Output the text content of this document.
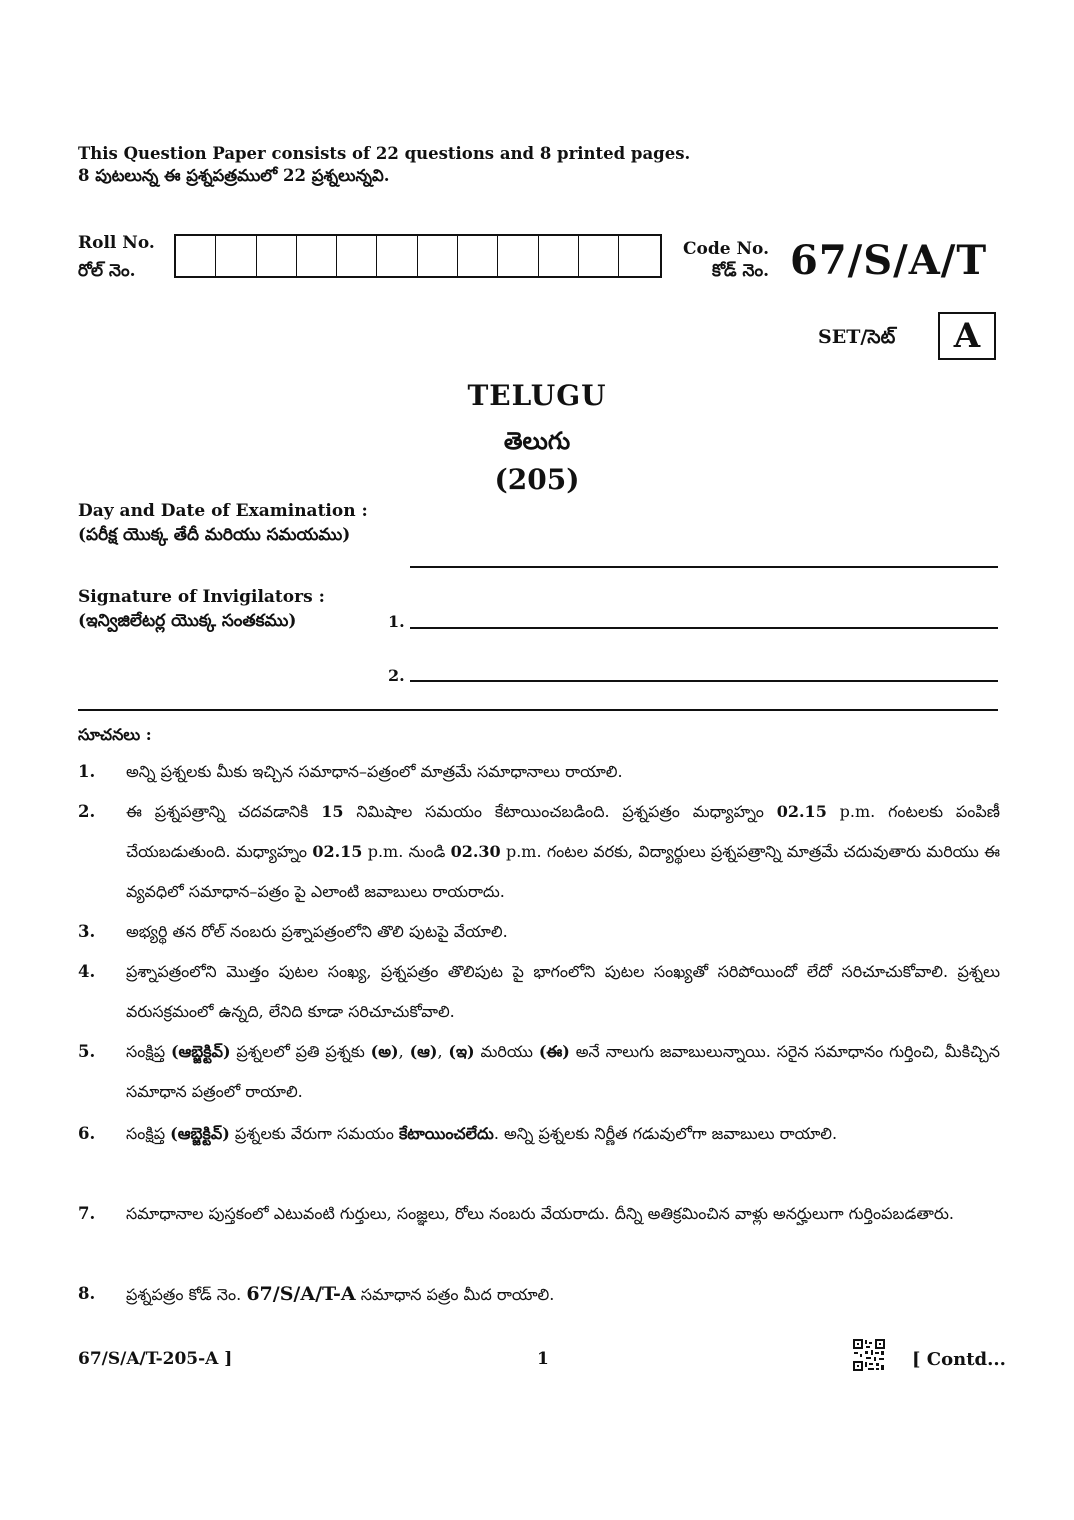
This Question Paper consists of 22 questions and 8 printed pages.
8 పుటలున్న ఈ ప్రశ్నపత్రములో 22 ప్రశ్నలున్నవి.
Roll No.
రోల్ నెం.
Code No.
కోడ్ నెం. 67/S/A/T
SET/సెట్	A
TELUGU
తెలుగు
(205)
Day and Date of Examination :
(పరీక్ష యొక్క తేదీ మరియు సమయము)
Signature of Invigilators :
(ఇన్విజిలేటర్ల యొక్క సంతకము)	1.
2.
సూచనలు :
1. అన్ని ప్రశ్నలకు మీకు ఇచ్చిన సమాధాన–పత్రంలో మాత్రమే సమాధానాలు రాయాలి.
2. ఈ ప్రశ్నపత్రాన్ని చదవడానికి 15 నిమిషాల సమయం కేటాయించబడింది. ప్రశ్నపత్రం మధ్యాహ్నం 02.15 p.m. గంటలకు పంపిణీ చేయబడుతుంది. మధ్యాహ్నం 02.15 p.m. నుండి 02.30 p.m. గంటల వరకు, విద్యార్థులు ప్రశ్నపత్రాన్ని మాత్రమే చదువుతారు మరియు ఈ వ్యవధిలో సమాధాన–పత్రం పై ఎలాంటి జవాబులు రాయరాదు.
3. అభ్యర్థి తన రోల్ నంబరు ప్రశ్నాపత్రంలోని తొలి పుటపై వేయాలి.
4. ప్రశ్నాపత్రంలోని మొత్తం పుటల సంఖ్య, ప్రశ్నపత్రం తొలిపుట పై భాగంలోని పుటల సంఖ్యతో సరిపోయిందో లేదో సరిచూచుకోవాలి. ప్రశ్నలు వరుసక్రమంలో ఉన్నది, లేనిది కూడా సరిచూచుకోవాలి.
5. సంక్షిప్త (ఆబ్జెక్టివ్) ప్రశ్నలలో ప్రతి ప్రశ్నకు (అ), (ఆ), (ఇ) మరియు (ఈ) అనే నాలుగు జవాబులున్నాయి. సరైన సమాధానం గుర్తించి, మీకిచ్చిన సమాధాన పత్రంలో రాయాలి.
6. సంక్షిప్త (ఆబ్జెక్టివ్) ప్రశ్నలకు వేరుగా సమయం కేటాయించలేదు. అన్ని ప్రశ్నలకు నిర్ణీత గడువులోగా జవాబులు రాయాలి.
7. సమాధానాల పుస్తకంలో ఎటువంటి గుర్తులు, సంజ్ఞలు, రోలు నంబరు వేయరాదు. దీన్ని అతిక్రమించిన వాళ్లు అనర్హులుగా గుర్తింపబడతారు.
8. ప్రశ్నపత్రం కోడ్ నెం. 67/S/A/T-A సమాధాన పత్రం మీద రాయాలి.
67/S/A/T-205-A ]	1	[ Contd...
